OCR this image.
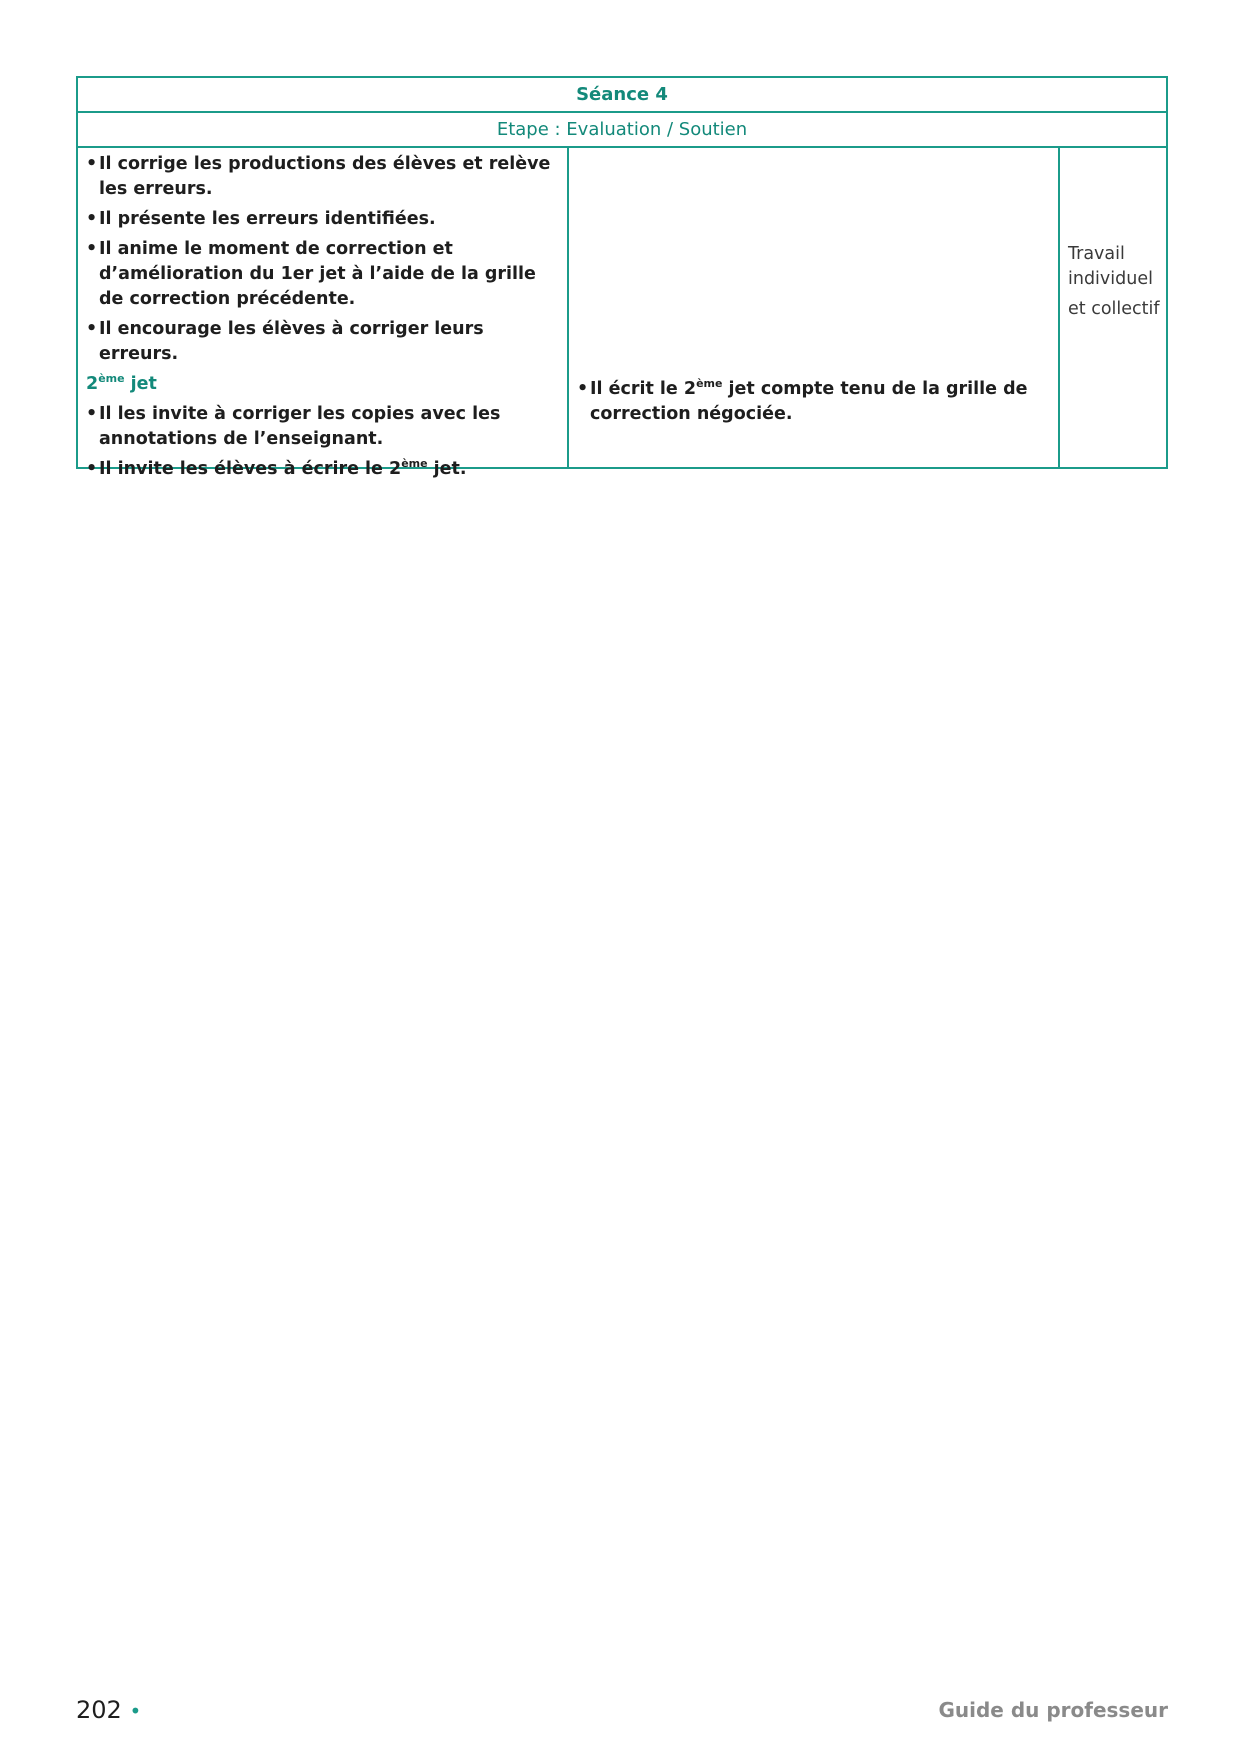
Séance 4
Etape : Evaluation / Soutien
• Il corrige les productions des élèves et relève les erreurs.
• Il présente les erreurs identifiées.
• Il anime le moment de correction et d’amélioration du 1er jet à l’aide de la grille de correction précédente.
• Il encourage les élèves à corriger leurs erreurs.
2ème jet
• Il les invite à corriger les copies avec les annotations de l’enseignant.
• Il invite les élèves à écrire le 2ème jet.
• Il écrit le 2ème jet compte tenu de la grille de correction négociée.

Travail individuel

et collectif

202 •	Guide du professeur
